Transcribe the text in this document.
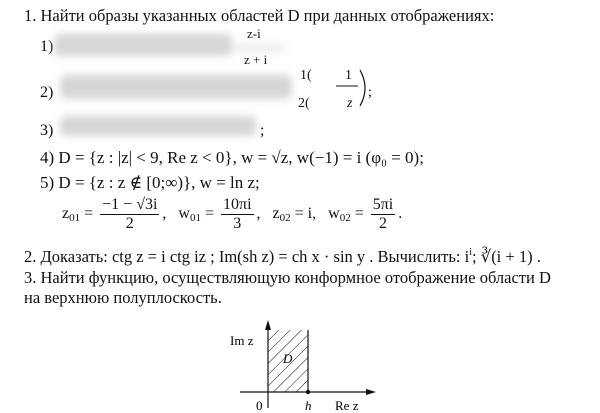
1. Найти образы указанных областей D при данных отображениях:
1)
z-i
z + i
2)
1( 1
2(	z
;
3)	;
4) D = {z : |z| < 9, Re z < 0}, w = √z, w(−1) = i (φ₀ = 0);
5) D = {z : z ∉ [0;∞)}, w = ln z;
$z_{01} = \frac{-1 - √3i}{2}$ ,   $w_{01} = \frac{10\pi i}{3}$ ,   $z_{02} = i$, $w_{02} = \frac{5\pi i}{2}$ .
2. Доказать: ctg z = i ctg iz ; Im(sh z) = ch x · sin y . Вычислить: $i^i$; ∛(i + 1) .
3. Найти функцию, осуществляющую конформное отображение области D
на верхнюю полуплоскость.
Im z
Re z
0	h
D
